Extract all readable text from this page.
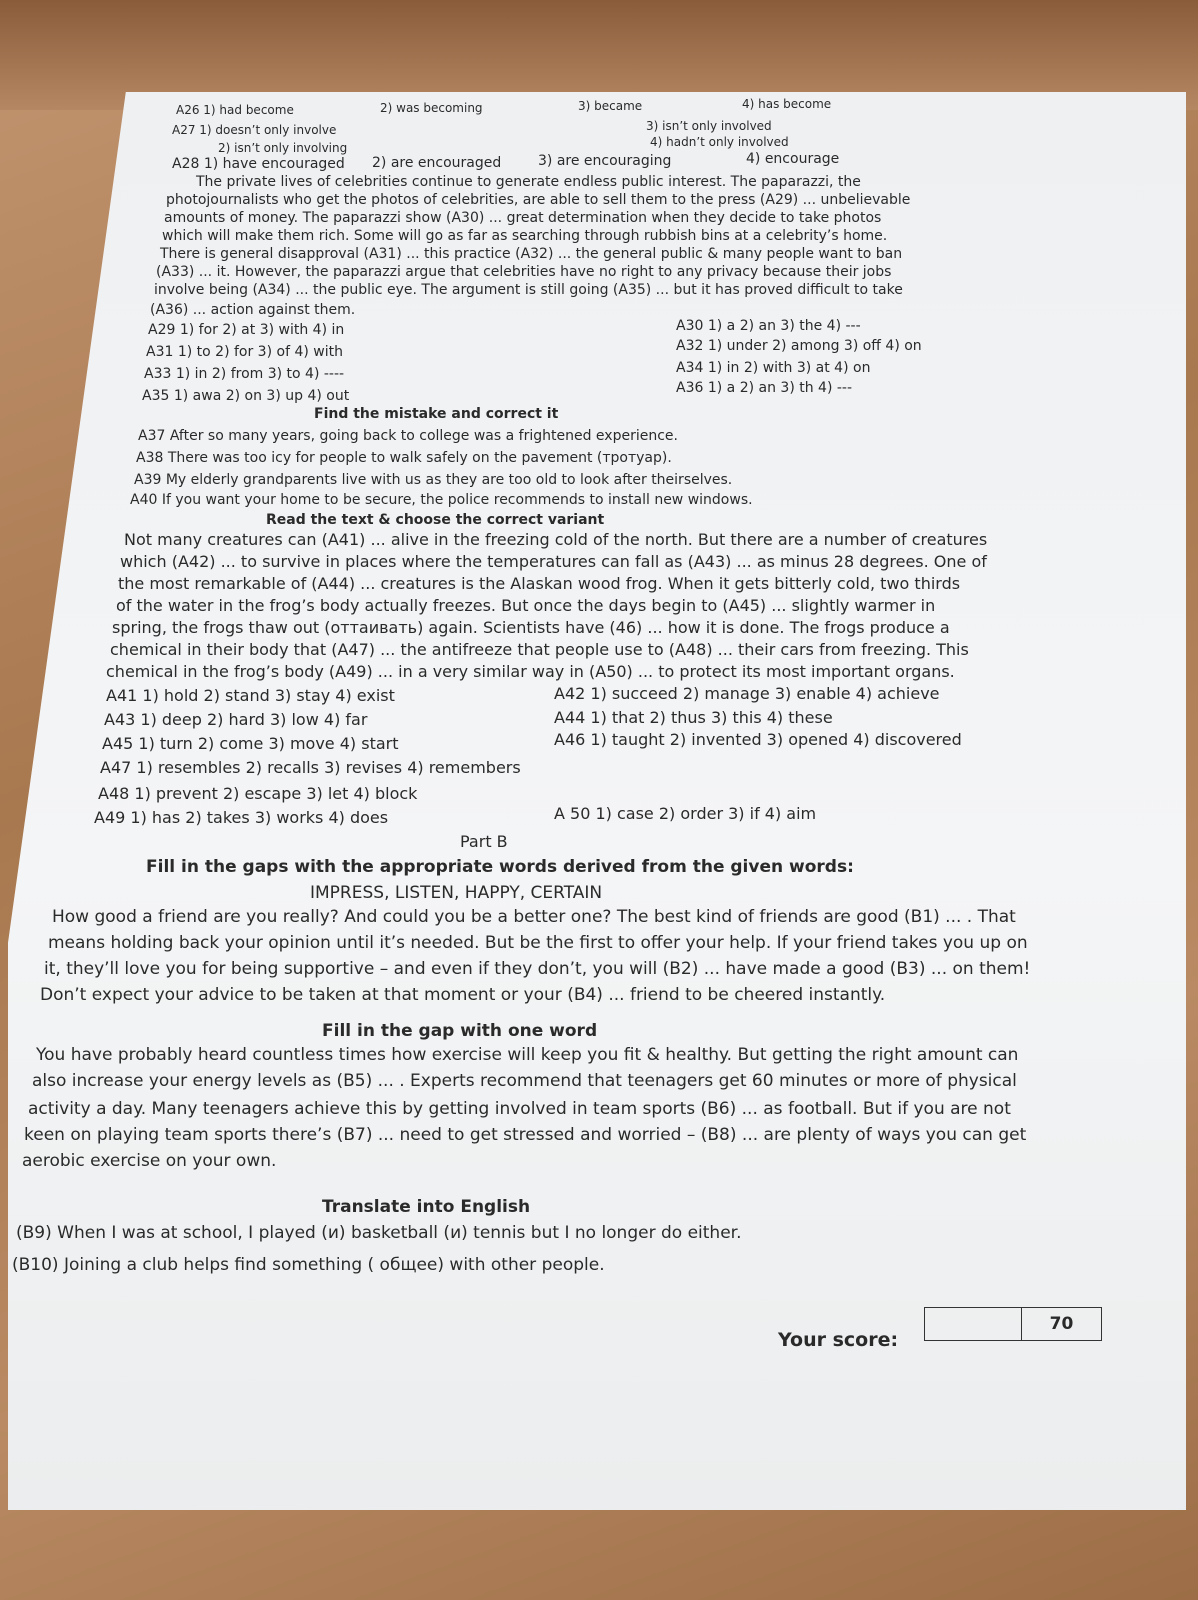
A26 1) had become	2) was becoming	3) became	4) has become
A27 1) doesn’t only involve	3) isn’t only involved
2) isn’t only involving	4) hadn’t only involved
A28 1) have encouraged 2) are encouraged	3) are encouraging	4) encourage
The private lives of celebrities continue to generate endless public interest. The paparazzi, the
photojournalists who get the photos of celebrities, are able to sell them to the press (A29) ... unbelievable
amounts of money. The paparazzi show (A30) ... great determination when they decide to take photos
which will make them rich. Some will go as far as searching through rubbish bins at a celebrity’s home.
There is general disapproval (A31) ... this practice (A32) ... the general public & many people want to ban
(A33) ... it. However, the paparazzi argue that celebrities have no right to any privacy because their jobs
involve being (A34) ... the public eye. The argument is still going (A35) ... but it has proved difficult to take
(A36) ... action against them.
A29 1) for 2) at 3) with 4) in
A31 1) to 2) for 3) of 4) with
A33 1) in 2) from 3) to 4) ----
A35 1) awa 2) on 3) up 4) out
A30 1) a 2) an 3) the 4) ---
A32 1) under 2) among 3) off 4) on
A34 1) in 2) with 3) at 4) on
A36 1) a 2) an 3) th 4) ---
Find the mistake and correct it
A37 After so many years, going back to college was a frightened experience.
A38 There was too icy for people to walk safely on the pavement (тротуар).
A39 My elderly grandparents live with us as they are too old to look after theirselves.
A40 If you want your home to be secure, the police recommends to install new windows.
Read the text & choose the correct variant
Not many creatures can (A41) ... alive in the freezing cold of the north. But there are a number of creatures
which (A42) ... to survive in places where the temperatures can fall as (A43) ... as minus 28 degrees. One of
the most remarkable of (A44) ... creatures is the Alaskan wood frog. When it gets bitterly cold, two thirds
of the water in the frog’s body actually freezes. But once the days begin to (A45) ... slightly warmer in
spring, the frogs thaw out (оттаивать) again. Scientists have (46) ... how it is done. The frogs produce a
chemical in their body that (A47) ... the antifreeze that people use to (A48) ... their cars from freezing. This
chemical in the frog’s body (A49) ... in a very similar way in (A50) ... to protect its most important organs.
A41 1) hold 2) stand 3) stay 4) exist
A43 1) deep 2) hard 3) low 4) far
A45 1) turn 2) come 3) move 4) start
A47 1) resembles 2) recalls 3) revises 4) remembers
A48 1) prevent 2) escape 3) let 4) block
A49 1) has 2) takes 3) works 4) does
A42 1) succeed 2) manage 3) enable 4) achieve
A44 1) that 2) thus 3) this 4) these
A46 1) taught 2) invented 3) opened 4) discovered
A 50 1) case 2) order 3) if 4) aim
Part B
Fill in the gaps with the appropriate words derived from the given words:
IMPRESS, LISTEN, HAPPY, CERTAIN
How good a friend are you really? And could you be a better one? The best kind of friends are good (B1) ... . That
means holding back your opinion until it’s needed. But be the first to offer your help. If your friend takes you up on
it, they’ll love you for being supportive – and even if they don’t, you will (B2) ... have made a good (B3) ... on them!
Don’t expect your advice to be taken at that moment or your (B4) ... friend to be cheered instantly.
Fill in the gap with one word
You have probably heard countless times how exercise will keep you fit & healthy. But getting the right amount can
also increase your energy levels as (B5) ... . Experts recommend that teenagers get 60 minutes or more of physical
activity a day. Many teenagers achieve this by getting involved in team sports (B6) ... as football. But if you are not
keen on playing team sports there’s (B7) ... need to get stressed and worried – (B8) ... are plenty of ways you can get
aerobic exercise on your own.
Translate into English
(B9) When I was at school, I played (и) basketball (и) tennis but I no longer do either.
(B10) Joining a club helps find something ( общее) with other people.
Your score:
70
